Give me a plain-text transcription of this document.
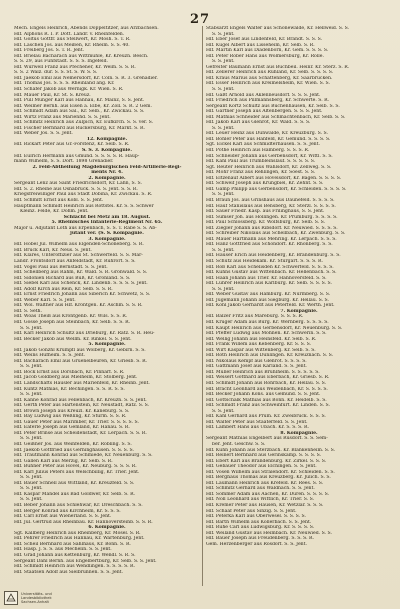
27
Mech. Engels Heinrich, Abends Doppeltitzer, aus Arzbachsen.
Hlf. Alphons R. I. P. Dott. Landr. v. Rheinfelden.
Hlf. Goltus Gottfr. aus Stellwert, Kr. Mosh. S. T. R.
Hlf. Laschen Jos. aus Meißen, Kr. Rheim. S. S. 40.
Hlf. Freiberg Jos. S. T. R. Jent.
Hlf. Brielau Bacharach aus Wittmühle, Kr. Kreuzn. Besch.
S. S. 29, aus Fünfstadt. S. S. S. Ingefeld.
Hlf. Wurwell Franz aus Pfechener, Kr. Weim. S. S. R.
S. S. 2 Walz. dur. S. S. St. S. W. S. S.
Hlf. Jaekob Emil aus Nemersdorf, Kr. Cöln. S. R. 3. Grenadier.
Hlf. Thomas Jos. S. S. S. Rheinland ang. Kr.
Hlf. Schäfer Jakob aus Wernigk. Kr. Wien. S. R.
Hlf. Mauer Paul, Kr. St. S. Kreuz.
Hlf. Pull Münger Karl aus Hannau, Kr. Mainz, S. S. Jent.
Hlf. Weimer Bernh. aus Eisen a. Elbe, Kr. Zoll. S. R. 2 Gem.
Hlf. Schmidt Adam aus Sal., Kr. Selb., Kr. Zwickau. S. S.
Hlf. Wirtz Franz aus Marienhd. S. S. Jent.
Hlf. Schmitz Heinrich aus Zülpich, Kr. Eufkirch. S. S. ver. S.
Hlf. Fischer Bernhard aus Ruckersburg, Kr. Markt. S. R.
Hlf. Weber Jos. S. S. Jent.
12. Kompagnie.
Hlf. Rickart Peter aus Gr.-Forstenz, Kr. Selb. S. R.
S. S. 3. Kompagnie.
Hlf. Eulrich Hermann aus Gmünd. S. S. S. S. R. Haup-
mann Wilhelm, S. S. Dort. 1898 Grenadier.
2. Feld-Abtheilung Magdeburgischen Feld-Artillerie-Regi-
ments Nr. 4.
2. Kompagnie.
Sergeant Lenz aus Saint Friedrichsdorf, Kr. Lahn, S. S.
Hlf. S. 2. Rheine aus Osnabrück. S. S. S. Jent. S. S. R.
Kriegsfreiwilliger Paul aus Stadt Dobina, Kr. Zwickau. S. R.
Hlf. Schmitt Ernst aus Kobl. S. S. Jent.
Hauptmann Schmidt Heinrich aus Rottstei. Kr. S. S. Schwer
Kleinz. Felde, Kr. Dohm. Jent.
Schlacht bei Metz am 18. August.
5. Rheinisches Infanterie-Regiment Nr. 65.
Major u. Adjutant Loth aus Erpenbach, S. S. T. Rabe S. S. Ab-
jutant ver. (S. S. Kompagnie.
3. Kompagnie.
Hlf. Höbel Jul. Wilhelm aus Elgenden-Schöneberg. S. R.
Hlf. Bruck Karl, Kr. Neus. S. Jent.
Hlf. Klares, Unteroffizier aus St. Schwerfeld. S. S. Mar-
Landr. Frontsdorf aus Anfeldstadt, Kr. Ruhrort. S. S.
Hlf. Vogel Paul aus Bernstadt. S. S. Jent.
Hlf. Schellberg aus Rahm, Kr. Wald. S. R. Gronwald. S. S.
Hlf. Sidonien Richard aus Buß, Kr. Gronland. S. S.
Hlf. Siebel Karl aus Schenck, Kr. Lindenb. S. S. S. S. Jent.
Hlf. Adolf Kirch aus Rein, Kr. Selb. S. S. R.
Hlf. Ernst Friedrich Johann aus Siberich Kr. Schwetz, S. S.
Hlf. Weber Karl. S. S. Jent.
Hlf. Wol. Walther aus Hlf. Kröntgen. Kr. Aschm. S. S. R.
Hlf. S. Seth.
Hlf. Woas Theiß aus Kröntgenb. Kr. Wils. S. S. R.
Hlf. Gosse Joseph aus Steinbach, Kr. Selb. S. S. R.
S. S. Jent.
Hlf. Karl Heinrich Schultz aus Drieburg, Kr. Ratz. S. R. Heu-
Hlf. Becker Jakob aus Wellm. Kr. Rinkel. S. S. Jent.
5. Kompagnie.
Hlf. Jakob Gonzhl Krumpfl aus Wolberg, Kr. Gebirn. S. S.
Hlf. Weins Hufheim. S. S. Jent.
Hlf. Bacharach Emil aus Gruenelbeuren, Kr. Griesb. S. R.
S. S. Jent.
Hlf. Bock Ernst aus Dorsbach, Kr. Pinnarf. S. R.
Hlf. Jacob Goldberg aus Mielheim, Kr. Stolberg. Jent.
Hlf. Landschafts Hausler aus Marienfeld, Kr. Rheinb. Jent.
Hlf. Kuntz Mathias, Kr. Bechingen. S. S. R. S. S.
S. S. Jent.
Hlf. Kanne Konrad aus Fellenbach, Kr. Kreuzn. S. S. Jent.
Hlf. Gerth Peter aus Hartenstein, Kr. Neustadt, Ratz. S. S.
Hlf. Brown Joseph aus Kreuzl. Kr. Kaneburg. S. S.
Hlf. Bay Ludwig aus Weßling, Kr. Sturm. S. S. R.
Hlf. Gauer Peter aus Marimber, Kr. Trier. S. S. S. S. S.
Hlf. Eaferle Joseph aus Gemland, Kr. Hanau. S. R.
Hlf. Peter Brinse aus Scheidenstadt, Kr. Lerpach. S. S. R.
S. S. Jent.
Hlf. Geißner Jos. aus Weinfelden, Kr. Röbling. S. S.
Hlf. Jaekob Gottfried aus Gerninghausen. S. S. S. S.
Hlf. Trautmann Konrad aus Schmiede, Kr. Neuenburg. S. S.
Hlf. Gallen Karl aus Merzig, Kr. Selb. S. R.
Hlf. Bühner Peter aus Hövel, Kr. Neuburg. S. S. S. R.
Hlf. Karl Julius Peters aus Welschbillig, Kr. Trier. Jent.
S. S. Jent.
Hlf. Bauer Schnell aus Wittland, Kr. Kreuzfeld. S. S.
S. S. Jent.
Hlf. Kaspar Mandel aus Bad Goldwer, Kr. Selb. S. R.
S. S. Jent.
Hlf. Beber Johann aus Schlehwar, Kr. Dreschbach. S. S.
Hlf. Berger Konrad aus Kirchheim, Kr. S. S. S.
Hlf. Carl Ernst aus Wienerland. S. S. Jent.
Hlf. Jul. Gertrud aus Rheinbau. Kr. Hannoversteinb. S. S. R.
6. Kompagnie.
Sgt. Kallberg Heinrich aus Rheinberg, Kr. Mosel. S. R.
Hlf. Pehrer Friedrich aus Hannau, Kr. Wartenburg. Jent.
Hlf. Scheil Bernhard aus Sahlhaus, Kr. Bonn. S. R.
Hlf. Hasp. J. S. S. aus Mechelin. S. S. Jent.
Hlf. Grad Johann aus Kettenburg, Kr. Wendl. S. R. S.
Sergeant Dahl Bernh. aus Engelbertburg, Kr. Selb. S. S. Jent.
Hlf. Schmidt Heinrich aus Wendlingen. S. S. S. S. R.
Hlf. Staatsen Adolf aus Sielbrunnen. S. S. Jent.
Stabsarzt Engels Walter aus Schönewalde, Kr. Hellweid. S. S.
S. S. Jent.
Hlf. Eber Josef aus Lindenfeld, Kr. Brandt. S. S. S.
Hlf. Kugel Albert aus Lisseheim, Kr. Selb. S. R.
Hlf. Martin Karl aus Diadenborn, Kr. Gem. S. S. S. S.
Hlf. Peter Röber Hans aus Wolmersburg, Kr. Rolle.
S. S. Jent.
Gefreiter Baumann Ernst aus Buchbeil. Heinr. Kr. Sterz. S. R.
Hlf. Zellerer Heinrich aus Ruhland, Kr. Selb. S. S. S. S.
Hlf. Kraus Marius aus Schattenberg, Kr. Saarbrücken.
Hlf. Esser Heinrich aus Kreimelsheim, Kr. Wien. S. S.
S. S. Jent.
Hlf. Gaßt Arnold aus Aklenneusdorf. S. S. S. Jent.
Hlf. Friedrich aus Pillmannsberg, Kr. Schwerte. S. R.
Sergeant Kortz Schultz aus Buchenhausen, Kr. Selb. S. S.
Hlf. Gärtner Joseph aus Altenbergen. S. S. S. Jent.
Hlf. Mathias Schneider aus Schmachtenbach, Kr. Selb. S. S.
Hlf. Jakob Karl aus Glenrot, Kr. Wald. S. S. S.
S. S. Jent.
Hlf. Leuer Heinz aus Dünwalde, Kr. Kreuzburg. S. S.
Hlf. Böhler Peter aus Hanfeld, Kr. Gemünd. S. S. S. S.
Sgt. Eickel Karl aus Schmidterhausen. S. S. Jent.
Hlf. Pothe Heinrich aus Hamberg. S. S. S. R.
Hlf. Schneider Johann aus Gerbensdorf, Kr. Wittl. S. S.
Hlf. Kahl Paul aus Trumbleinslauf. S. S. S. S. S.
Sgt. Reuter Heinrich aus Wahlsdorf, Kr. Zellweg. S. S.
Hlf. Mohr Franz aus Rehlingen, Kr. Soest. S. S.
Hlf. Eltzenauf Albert aus Hövelsdorf, Kr. Bagen. S. S. S. S.
Hlf. Schweif Joseph aus Krüngbiel, Kr. Zehnt. S. S.
Hlf. Gamp Philipp aus Gerbensdorf, Kr. Schleiden. S. S. S. S.
S. S. Jent.
Hlf. Braun Jos. aus Grinshaus aus Daunefeld. S. S. S. S.
Hlf. Hauf Stanislaus aus Bensberg, Kr. Sterzl. S. S. S. S.
Hlf. Sauer Friedr. Kasp. aus Frilinghaus, S. S. Jent.
Hlf. Sumser Joh. aus Hollingen. Kr. Prümburg. S. S. S. S.
Hlf. Paul Schlossberg. Kr. Wolfsburg, Kr. Selb. S. S.
Hlf. Ziegler Johann aus Ribsdorf. Kr. Neuwied. S. S. S. S.
Hlf. Schreiber Nikolaus aus Schellbach, Kr. Zwenburg. S. S.
Hlf. Mauer Hartmann aus Mehring. Kr. Lerpach. S. S. S.
Hlf. Hanz Gottfried aus Schöndorf. Kr. Rhonberg. S. S.
S. S. Jent.
Hlf. Hauser Erich aus Heidenberg, Kr. Brandenburg. S. S.
Hlf. Schütz aus Heidekam. Kr. Sturgart. S. S. S. R.
Hlf. Roß Karl aus Schelisden Kr. Schwerfeld. S. S. S. S.
Hlf. Kuhns Gustav aus Wittenbach. Kr. Hellenbach. S. S.
Hlf. Haan Johann aus Trier. Kr. Hannoversfeld. S. S.
Hlf. Lührer Heinrich aus Karlburg. Kr. Selb. S. S. S. S.
S. S. Jent.
Hlf. Weber Gustav aus Hamburg. Kr. Nürmberg. S. S.
Hlf. Jugemann Johann aus Siegburg. Kr. Hellau. S. S.
Hlf. Kohl Jakob Gerhardt aus Peterfeld. Kr. Werth. Jent.
7. Kompagnie.
Hlf. Balzer Fritz aus Mareburg. S. S. S. R.
Hlf. Krüger Adam aus Burg. Kr. Wernberg. S. S. S. S.
Hlf. Kaupt Heinrich aus Gerbensdorf, Kr. Neuenburg. S. S.
Hlf. Pfeffer Ludwig aus Möhnen. Kr. Schwerin. S. S.
Hlf. Wellig Johann aus Heinsfeld. Kr. Selb. S. R.
Hlf. Frank Willem aus Kebenberg. Kr. S. S. S.
Hlf. Wirt Kaspar aus Wittenberg. Kr. Selb. S. S.
Hlf. Roth Heinrich aus Dünlingen. Kr. Kreuznach. S. S.
Hlf. Nikolaus Kempf aus Glenrot. S. S. S. S.
Hlf. Gattmann Josef aus Karland. S. S. Jent.
Hlf. Müller Heinrich aus Brühlheim. S. S. S. S. S.
Hlf. Weisert Gotthard aus Eberbach, Kr. Griesb. S. R.
Hlf. Schmidt Johann aus Rohrbach, Kr. Hellau. S. S.
Hlf. Bracht Leonhard aus Weidenbach, Kr. S. S. S. S.
Hlf. Becker Johann Kons. aus Gemünd. S. S. Jent.
Hlf. Gottschalk Mathias aus Bonn. Kr. Heidelb. S. S.
Hlf. Schmidt Franz aus Schweinfurt. Kr. Linden. S. S.
S. S. Jent.
Hlf. Kahl Gerhard aus Prüm. Kr. Zweibrück. S. S. S.
Hlf. Walter Peter aus Staaterfeld. S. S. Jent.
Hlf. Lambert Hans aus Ubach. Kr. S. S. S. R.
8. Kompagnie.
Sergeant Mathias Engelbert aus Rüsdorf. S. S. Sem-
ber. Jent. Geschw. S. S.
Hlf. Kuhn Johann aus Sterzbach. Kr. Blankenheim. S. S.
Hlf. Reinert Bernhard aus Gerinskamp. S. S. S. S.
Hlf. Ebert Karl aus Brandenburg. Kr. Zirkel. S. S. S.
Hlf. Gebauer Theodor aus Elchingen. S. S. Jent.
Hlf. Vosen Wilhelm aus Stralendorf. Kr. Schleiden. S. S.
Hlf. Berghaus Thomas aus Kreuzberg. Kr. Jülich. S. S.
Hlf. Laumann Heinrich aus Krefeld. Kr. Rees. S. S.
Hlf. Schmitz Gerhard aus Waldnach. S. S. Jent.
Hlf. Sommer Adam aus Aachen, Kr. Düren. S. S. S. S.
Hlf. Noll Leonhard aus Wittlich, Kr. Trier. S. S.
Hlf. Kremer Peter aus Hausen, Kr. Wetzlar. S. S. S.
Hlf. Schaaf Peter aus Sinzig. S. S. Jent.
Hlf. Peterka Karl aus Oberwesel. S. S. S. S.
Hlf. Barth Wilhelm aus Köllerbach. S. S. Jent.
Hlf. Ruhe Carl aus Ludwigsburg. Kr. S. S. S. S.
Hlf. Weiland Gustav aus Heimbach. Kr. Neuwied. S. S.
Hlf. Bauer Joseph aus Freudenberg. S. S. S. R.
Gem. Herzenberger aus Rosdorf. S. S. Jent.
Universitäts- und
Landesbibliothek
Sachsen-Anhalt
